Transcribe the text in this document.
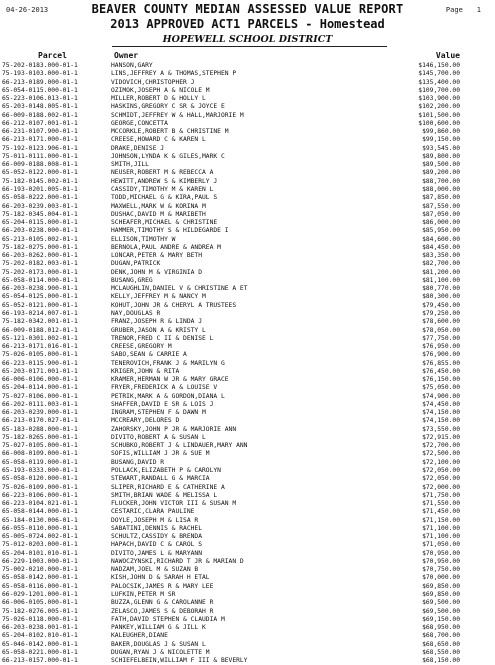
04-26-2013	Page 1
BEAVER COUNTY MEDIAN ASSESSED VALUE REPORT
2013 APPROVED ACT1 PARCELS - Homestead
HOPEWELL SCHOOL DISTRICT
Parcel	Owner	Value
75-202-0183.000-01-1	HANSON,GARY	$146,150.00
75-193-0103.000-01-1	LINS,JEFFREY A & THOMAS,STEPHEN P	$145,700.00
66-213-0189.000-01-1	VIDOVICH,CHRISTOPHER J	$135,400.00
65-054-0115.000-01-1	OZIMOK,JOSEPH A & NICOLE M	$109,700.00
65-223-0106.013-01-1	MILLER,ROBERT D & HOLLY L	$103,900.00
65-203-0148.005-01-1	HASKINS,GREGORY C SR & JOYCE E	$102,200.00
66-009-0188.002-01-1	SCHMIDT,JEFFREY W & HALL,MARJORIE M	$101,500.00
66-212-0107.001-01-1	GEORGE,CONCETTA	$100,600.00
66-231-0107.900-01-1	MCCORKLE,ROBERT B & CHRISTINE M	$99,860.00
66-213-0171.000-01-1	CREESE,HOWARD C & KAREN L	$99,150.00
75-192-0123.906-01-1	DRAKE,DENISE J	$93,545.00
75-011-0111.000-01-1	JOHNSON,LYNDA K & GILES,MARK C	$89,800.00
66-009-0188.008-01-1	SMITH,JILL	$89,500.00
65-052-0122.000-01-1	NEUSER,ROBERT M & REBECCA A	$89,200.00
75-182-0145.002-01-1	HEWITT,ANDREW S & KIMBERLY J	$88,700.00
66-193-0201.005-01-1	CASSIDY,TIMOTHY M & KAREN L	$88,000.00
65-058-0222.000-01-1	TODD,MICHAEL G & KIRA,PAUL S	$87,850.00
66-203-0239.003-01-1	MAXWELL,MARK W & KORINA M	$87,550.00
75-182-0345.004-01-1	DUSHAC,DAVID M & MARIBETH	$87,050.00
65-204-0115.000-01-1	SCHEAFER,MICHAEL & CHRISTINE	$86,000.00
66-203-0238.000-01-1	HAMMER,TIMOTHY S & HILDEGARDE I	$85,950.00
65-213-0105.002-01-1	ELLISON,TIMOTHY W	$84,600.00
75-182-0275.000-01-1	BERNOLA,PAUL ANDRE & ANDREA M	$84,450.00
66-203-0262.000-01-1	LONCAR,PETER & MARY BETH	$83,350.00
75-202-0182.003-01-1	DUGAN,PATRICK	$82,700.00
75-202-0173.000-01-1	DENK,JOHN M & VIRGINIA D	$81,200.00
65-058-0114.000-01-1	BUSANG,GREG	$81,100.00
66-203-0238.900-01-1	MCLAUGHLIN,DANIEL V & CHRISTINE A ET	$80,770.00
65-054-0125.000-01-1	KELLY,JEFFREY M & NANCY M	$80,300.00
65-052-0121.000-01-1	KOHUT,JOHN JR & CHERYL A TRUSTEES	$79,450.00
66-193-0214.007-01-1	NAY,DOUGLAS R	$79,250.00
75-182-0342.001-01-1	FRANZ,JOSEPH R & LINDA J	$78,600.00
66-009-0188.012-01-1	GRUBER,JASON A & KRISTY L	$78,050.00
65-121-0301.002-01-1	TRENOR,FRED C II & DENISE L	$77,750.00
66-213-0171.016-01-1	CREESE,GREGORY M	$76,950.00
75-026-0105.000-01-1	SABO,SEAN & CARRIE A	$76,900.00
66-223-0115.900-01-1	TENEROVICH,FRANK J & MARILYN G	$76,855.00
65-203-0171.001-01-1	KRIGER,JOHN & RITA	$76,450.00
66-006-0106.000-01-1	KRAMER,HERMAN W JR & MARY GRACE	$76,150.00
65-204-0114.000-01-1	FRYER,FREDERICK A & LOUISE V	$75,050.00
75-027-0106.000-01-1	PETRIK,MARK A & GORDON,DIANA L	$74,900.00
66-202-0111.003-01-1	SHAFFER,DAVID E SR & LOIS J	$74,450.00
66-203-0239.000-01-1	INGRAM,STEPHEN F & DAWN M	$74,150.00
66-213-0170.027-01-1	MCCREARY,DELORES D	$74,150.00
65-183-0288.000-01-1	ZAHORSKY,JOHN P JR & MARJORIE ANN	$73,550.00
75-182-0265.000-01-1	DIVITO,ROBERT A & SUSAN L	$72,915.00
75-027-0105.000-01-1	SCHUBKO,ROBERT J & LINDAUER,MARY ANN	$72,700.00
66-008-0109.000-01-1	SOFIS,WILLIAM J JR & SUE M	$72,500.00
65-058-0119.000-01-1	BUSANG,DAVID R	$72,100.00
65-193-0333.000-01-1	POLLACK,ELIZABETH P & CAROLYN	$72,050.00
65-058-0120.000-01-1	STEWART,RANDALL G & MARCIA	$72,050.00
75-026-0109.000-01-1	SLIPER,RICHARD E & CATHERINE A	$72,000.00
66-223-0106.000-01-1	SMITH,BRIAN WADE & MELISSA L	$71,750.00
66-223-0104.021-01-1	FLUCKER,JOHN VICTOR III & SUSAN M	$71,550.00
65-058-0144.000-01-1	CESTARIC,CLARA PAULINE	$71,450.00
65-184-0130.006-01-1	DOYLE,JOSEPH M & LISA R	$71,150.00
66-055-0110.000-01-1	SABATINI,DENNIS & RACHEL	$71,100.00
65-005-0724.002-01-1	SCHULTZ,CASSIDY & BRENDA	$71,100.00
75-012-0203.000-01-1	HAPACH,DAVID C & CAROL S	$71,050.00
65-204-0101.010-01-1	DIVITO,JAMES L & MARYANN	$70,950.00
66-229-1003.000-01-1	NAWOCZYNSKI,RICHARD T JR & MARIAN D	$70,950.00
75-002-0210.000-01-1	NADZAM,JOEL M & SUZAN B	$70,750.00
65-058-0142.000-01-1	KISH,JOHN D & SARAH H ETAL	$70,000.00
65-058-0116.000-01-1	PALOCSIK,JAMES R & MARY LEE	$69,850.00
66-029-1201.000-01-1	LUFKIN,PETER M SR	$69,850.00
66-006-0105.000-01-1	BUZZA,GLENN G & CAROLANNE R	$69,500.00
75-182-0276.005-01-1	ZELASCO,JAMES S & DEBORAH R	$69,500.00
75-026-0118.000-01-1	FATH,DAVID STEPHEN & CLAUDIA M	$69,150.00
66-203-0238.001-01-1	PANKEY,WILLIAM G & JILL K	$68,950.00
65-204-0102.010-01-1	KALEUGHER,DIANE	$68,700.00
65-046-0142.000-01-1	BAKER,DOUGLAS J & SUSAN L	$68,650.00
65-058-0221.000-01-1	DUGAN,RYAN J & NICOLETTE M	$68,550.00
66-213-0157.000-01-1	SCHIEFELBEIN,WILLIAM F III & BEVERLY	$68,150.00
